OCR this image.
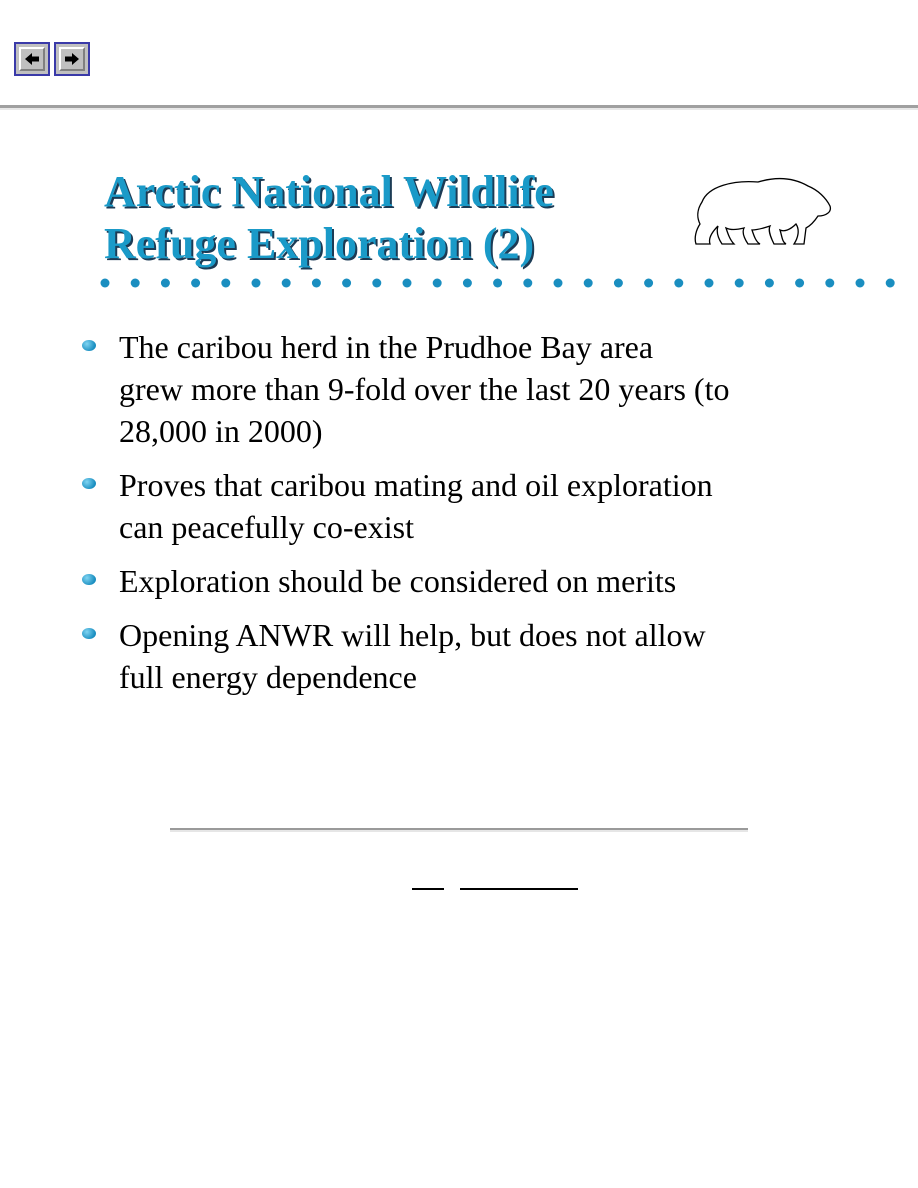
Arctic National Wildlife
Refuge Exploration (2)
The caribou herd in the Prudhoe Bay area
grew more than 9-fold over the last 20 years (to
28,000 in 2000)
Proves that caribou mating and oil exploration
can peacefully co-exist
Exploration should be considered on merits
Opening ANWR will help, but does not allow
full energy dependence
